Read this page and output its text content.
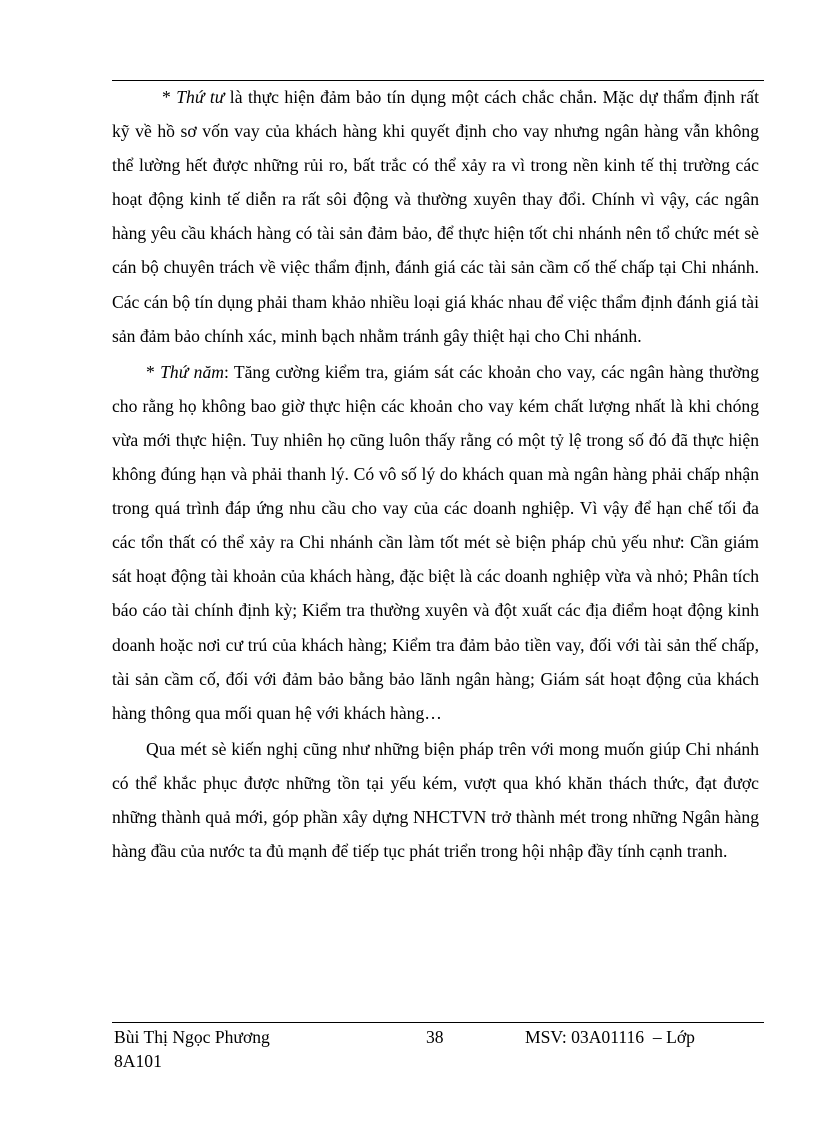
* Thứ tư là thực hiện đảm bảo tín dụng một cách chắc chắn. Mặc dự thẩm định rất kỹ về hồ sơ vốn vay của khách hàng khi quyết định cho vay nhưng ngân hàng vẫn không thể lường hết được những rủi ro, bất trắc có thể xảy ra vì trong nền kinh tế thị trường các hoạt động kinh tế diễn ra rất sôi động và thường xuyên thay đổi. Chính vì vậy, các ngân hàng yêu cầu khách hàng có tài sản đảm bảo, để thực hiện tốt chi nhánh nên tổ chức mét sè cán bộ chuyên trách về việc thẩm định, đánh giá các tài sản cầm cố thế chấp tại Chi nhánh. Các cán bộ tín dụng phải tham khảo nhiều loại giá khác nhau để việc thẩm định đánh giá tài sản đảm bảo chính xác, minh bạch nhằm tránh gây thiệt hại cho Chi nhánh.

* Thứ năm: Tăng cường kiểm tra, giám sát các khoản cho vay, các ngân hàng thường cho rằng họ không bao giờ thực hiện các khoản cho vay kém chất lượng nhất là khi chóng vừa mới thực hiện. Tuy nhiên họ cũng luôn thấy rằng có một tỷ lệ trong số đó đã thực hiện không đúng hạn và phải thanh lý. Có vô số lý do khách quan mà ngân hàng phải chấp nhận trong quá trình đáp ứng nhu cầu cho vay của các doanh nghiệp. Vì vậy để hạn chế tối đa các tổn thất có thể xảy ra Chi nhánh cần làm tốt mét sè biện pháp chủ yếu như: Cần giám sát hoạt động tài khoản của khách hàng, đặc biệt là các doanh nghiệp vừa và nhỏ; Phân tích báo cáo tài chính định kỳ; Kiểm tra thường xuyên và đột xuất các địa điểm hoạt động kinh doanh hoặc nơi cư trú của khách hàng; Kiểm tra đảm bảo tiền vay, đối với tài sản thế chấp, tài sản cầm cố, đối với đảm bảo bằng bảo lãnh ngân hàng; Giám sát hoạt động của khách hàng thông qua mối quan hệ với khách hàng…

Qua mét sè kiến nghị cũng như những biện pháp trên với mong muốn giúp Chi nhánh có thể khắc phục được những tồn tại yếu kém, vượt qua khó khăn thách thức, đạt được những thành quả mới, góp phần xây dựng NHCTVN trở thành mét trong những Ngân hàng hàng đầu của nước ta đủ mạnh để tiếp tục phát triển trong hội nhập đầy tính cạnh tranh.

Bùi Thị Ngọc Phương 8A101
38	MSV: 03A01116  – Lớp
